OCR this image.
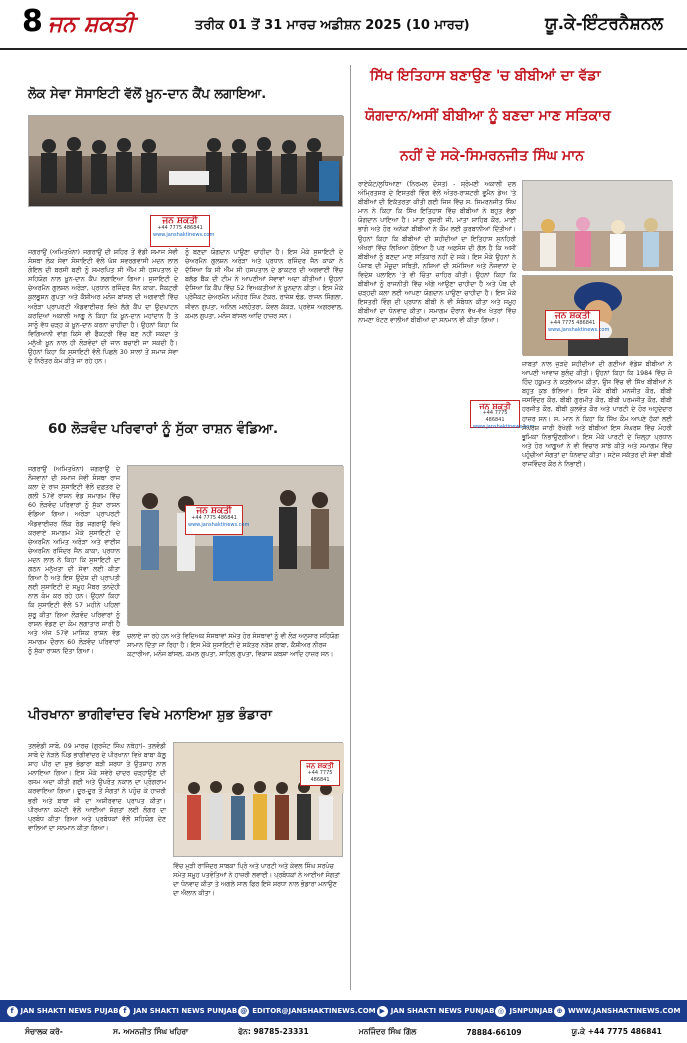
8 ਜਨ ਸ਼ਕਤੀ	ਤਰੀਕ 01 ਤੋਂ 31 ਮਾਰਚ ਅਡੀਸ਼ਨ 2025 (10 ਮਾਰਚ)	ਯੂ.ਕੇ-ਇੰਟਰਨੈਸ਼ਨਲ
ਲੋਕ ਸੇਵਾ ਸੋਸਾਇਟੀ ਵੱਲੋਂ ਖ਼ੂਨ-ਦਾਨ ਕੈਂਪ ਲਗਾਇਆ.
ਜਨ ਸ਼ਕਤੀ
+44 7775 486841
www.janshaktinews.com
ਜਗਰਾਉਂ (ਅਮਿਤਖੰਨਾ) ਜਗਰਾਉਂ ਦੀ ਸ਼ਹਿਰ ਤੋਂ ਵੱਡੀ ਸਮਾਜ ਸੇਵੀ ਸੰਸਥਾ ਲੋਕ ਸੇਵਾ ਸੋਸਾਇਟੀ ਵੱਲੋਂ ਘੱਸ ਸਵਰਗਵਾਸੀ ਮਦਨ ਲਾਲ ਗੋਇਲ ਦੀ ਬਰਸੀ ਬਣੀ ਨੂੰ ਸਮਰਪਿਤ ਸੀ ਐੱਮ ਸੀ ਹਸਪਤਾਲ ਦੇ ਸਹਿਯੋਗ ਨਾਲ ਖ਼ੂਨ-ਦਾਨ ਕੈਂਪ ਲਗਾਇਆ ਗਿਆ। ਸੁਸਾਇਟੀ ਦੇ ਚੇਅਰਮੈਨ ਗੁਲਸ਼ਨ ਅਰੋੜਾ, ਪ੍ਰਧਾਨ ਰਜਿੰਦਰ ਜੈਨ ਕਾਕਾ, ਸੈਕਟਰੀ ਕੁਲਭੂਸ਼ਨ ਗੁਪਤਾ ਅਤੇ ਕੈਸ਼ੀਅਰ ਮਨੋਜ ਬਾਂਸਲ ਦੀ ਅਗਵਾਈ ਵਿੱਚ ਅਰੋੜਾ ਪ੍ਰਾਪਰਟੀ ਐਡਵਾਈਜ਼ਰ ਵਿਖੇ ਲੱਗੇ ਕੈਂਪ ਦਾ ਉਦਘਾਟਨ ਕਰਦਿਆਂ ਅਕਾਲੀ ਆਗੂ ਨੇ ਕਿਹਾ ਕਿ ਖ਼ੂਨ-ਦਾਨ ਮਹਾਂਦਾਨ ਹੈ ਤੇ ਸਾਨੂੰ ਵੱਧ ਚੜ੍ਹ ਕੇ ਖ਼ੂਨ-ਦਾਨ ਕਰਨਾ ਚਾਹੀਦਾ ਹੈ। ਉਹਨਾਂ ਕਿਹਾ ਕਿ ਵਿਗਿਆਨੀ ਵਾਂਗ ਕਿਸੇ ਵੀ ਫੈਕਟਰੀ ਵਿੱਚ ਬਣ ਨਹੀਂ ਸਕਦਾ ਤੇ ਮਨੁੱਖੀ ਖ਼ੂਨ ਨਾਲ ਹੀ ਲੋੜਵੰਦਾਂ ਦੀ ਜਾਨ ਬਚਾਈ ਜਾ ਸਕਦੀ ਹੈ। ਉਹਨਾਂ ਕਿਹਾ ਕਿ ਸੁਸਾਇਟੀ ਵੱਲੋਂ ਪਿਛਲੇ 30 ਸਾਲਾਂ ਤੋਂ ਸਮਾਜ ਸੇਵਾ ਦੇ ਨਿਰੰਤਰ ਕੰਮ ਕੀਤੇ ਜਾ ਰਹੇ ਹਨ।
ਨੂੰ ਬਣਦਾ ਯੋਗਦਾਨ ਪਾਉਣਾ ਚਾਹੀਦਾ ਹੈ। ਇਸ ਮੌਕੇ ਸੁਸਾਇਟੀ ਦੇ ਚੇਅਰਮੈਨ ਗੁਲਸ਼ਨ ਅਰੋੜਾ ਅਤੇ ਪ੍ਰਧਾਨ ਰਜਿੰਦਰ ਜੈਨ ਕਾਕਾ ਨੇ ਦੱਸਿਆ ਕਿ ਸੀ ਐੱਮ ਸੀ ਹਸਪਤਾਲ ਦੇ ਡਾਕਟਰ ਦੀ ਅਗਵਾਈ ਵਿੱਚ ਬਲੱਡ ਬੈਂਕ ਦੀ ਟੀਮ ਨੇ ਆਪਣੀਆਂ ਸੇਵਾਵਾਂ ਅਦਾ ਕੀਤੀਆਂ। ਉਹਨਾਂ ਦੱਸਿਆ ਕਿ ਕੈਂਪ ਵਿੱਚ 52 ਵਿਅਕਤੀਆਂ ਨੇ ਖ਼ੂਨਦਾਨ ਕੀਤਾ। ਇਸ ਮੌਕੇ ਪ੍ਰੋਜੈਕਟ ਚੇਅਰਮੈਨ ਮਨੋਹਰ ਸਿੰਘ ਟੱਕਰ, ਰਾਜੇਸ਼ ਢੰਡ, ਰਾਜਨ ਸਿੰਗਲਾ, ਜੀਵਨ ਗੁਪਤਾ, ਅਨਿਲ ਮਲਹੋਤਰਾ, ਕੰਵਲ ਕੱਕੜ, ਪ੍ਰਵੇਸ਼ ਅਗਰਵਾਲ, ਕਮਲ ਗੁਪਤਾ, ਮਨੋਜ ਬਾਂਸਲ ਆਦਿ ਹਾਜ਼ਰ ਸਨ।
60 ਲੋੜਵੰਦ ਪਰਿਵਾਰਾਂ ਨੂੰ ਸੁੱਕਾ ਰਾਸ਼ਨ ਵੰਡਿਆ.
ਜਗਰਾਉਂ (ਅਮਿਤਖੰਨਾ) ਜਗਰਾਉਂ ਦੇ ਨੌਜਵਾਨਾਂ ਦੀ ਸਮਾਜ ਸੇਵੀ ਸੰਸਥਾ ਰਾਜ ਕਲਾ ਦੇ ਰਾਜ ਸੁਸਾਇਟੀ ਵੱਲੋਂ ਦਫ਼ਤਰ ਦੇ ਗਲੀ 57ਵੇਂ ਰਾਸ਼ਨ ਵੰਡ ਸਮਾਗਮ ਵਿੱਚ 60 ਲੋੜਵੰਦ ਪਰਿਵਾਰਾਂ ਨੂੰ ਸੁੱਕਾ ਰਾਸ਼ਨ ਵੰਡਿਆ ਗਿਆ। ਅਰੋੜਾ ਪ੍ਰਾਪਰਟੀ ਐਡਵਾਈਜ਼ਰ ਲਿੰਕ ਰੋਡ ਜਗਰਾਉਂ ਵਿਖੇ ਕਰਵਾਏ ਸਮਾਗਮ ਮੌਕੇ ਸੁਸਾਇਟੀ ਦੇ ਚੇਅਰਮੈਨ ਅਮਿਤ ਅਰੋੜਾ ਅਤੇ ਵਾਈਸ ਚੇਅਰਮੈਨ ਰਜਿੰਦਰ ਜੈਨ ਕਾਕਾ, ਪ੍ਰਧਾਨ ਮਦਨ ਲਾਲ ਨੇ ਕਿਹਾ ਕਿ ਸੁਸਾਇਟੀ ਦਾ ਗਠਨ ਮਨੁੱਖਤਾ ਦੀ ਸੇਵਾ ਲਈ ਕੀਤਾ ਗਿਆ ਹੈ ਅਤੇ ਇਸ ਉਦੇਸ਼ ਦੀ ਪ੍ਰਾਪਤੀ ਲਈ ਸੁਸਾਇਟੀ ਦੇ ਸਮੂਹ ਮੈਂਬਰ ਤਨਦੇਹੀ ਨਾਲ ਕੰਮ ਕਰ ਰਹੇ ਹਨ। ਉਹਨਾਂ ਕਿਹਾ ਕਿ ਸੁਸਾਇਟੀ ਵੱਲੋਂ 57 ਮਹੀਨੇ ਪਹਿਲਾਂ ਸ਼ੁਰੂ ਕੀਤਾ ਗਿਆ ਲੋੜਵੰਦ ਪਰਿਵਾਰਾਂ ਨੂੰ ਰਾਸ਼ਨ ਵੰਡਣ ਦਾ ਕੰਮ ਲਗਾਤਾਰ ਜਾਰੀ ਹੈ ਅਤੇ ਅੱਜ 57ਵੇਂ ਮਾਸਿਕ ਰਾਸ਼ਨ ਵੰਡ ਸਮਾਗਮ ਦੌਰਾਨ 60 ਲੋੜਵੰਦ ਪਰਿਵਾਰਾਂ ਨੂੰ ਸੁੱਕਾ ਰਾਸ਼ਨ ਦਿੱਤਾ ਗਿਆ।
ਜਨ ਸ਼ਕਤੀ
+44 7775 486841
www.janshaktinews.com
ਚਲਾਏ ਜਾ ਰਹੇ ਹਨ ਅਤੇ ਵਿਦਿਅਕ ਸੰਸਥਾਵਾਂ ਸਮੇਤ ਹੋਰ ਸੰਸਥਾਵਾਂ ਨੂੰ ਵੀ ਲੋੜ ਅਨੁਸਾਰ ਸਹਿਯੋਗ ਸਾਮਾਨ ਦਿੱਤਾ ਜਾ ਰਿਹਾ ਹੈ। ਇਸ ਮੌਕੇ ਸੁਸਾਇਟੀ ਦੇ ਸਕੱਤਰ ਨਰੇਸ਼ ਗਾਬਾ, ਕੈਸ਼ੀਅਰ ਨੀਰਜ ਕਟਾਰੀਆ, ਮਨੋਜ ਬਾਂਸਲ, ਕਮਲ ਗੁਪਤਾ, ਸਾਹਿਲ ਗੁਪਤਾ, ਵਿਕਾਸ ਕਥਸ਼ਾ ਆਦਿ ਹਾਜ਼ਰ ਸਨ।
ਪੀਰਖਾਨਾ ਭਾਗੀਵਾਂਦਰ ਵਿਖੇ ਮਨਾਇਆ ਸ਼ੁਭ ਭੰਡਾਰਾ
ਤਲਵੰਡੀ ਸਾਬੋ, 09 ਮਾਰਚ (ਗੁਰਜੰਟ ਸਿੰਘ ਨਥੇਹਾ)- ਤਲਵੰਡੀ ਸਾਬੋ ਦੇ ਨੇੜਲੇ ਪਿੰਡ ਭਾਗੀਵਾਂਦਰ ਦੇ ਪੀਰਖਾਨਾ ਵਿਖੇ ਬਾਬਾ ਕੱਲੂ ਸ਼ਾਹ ਪੀਰ ਦਾ ਸ਼ੁਭ ਭੰਡਾਰਾ ਬੜੀ ਸ਼ਰਧਾ ਤੇ ਉਤਸ਼ਾਹ ਨਾਲ ਮਨਾਇਆ ਗਿਆ। ਇਸ ਮੌਕੇ ਸਵੇਰੇ ਚਾਦਰ ਚੜ੍ਹਾਉਣ ਦੀ ਰਸਮ ਅਦਾ ਕੀਤੀ ਗਈ ਅਤੇ ਉਪਰੰਤ ਨਕਾਲ ਦਾ ਪ੍ਰੋਗਰਾਮ ਕਰਵਾਇਆ ਗਿਆ। ਦੂਰ-ਦੂਰ ਤੋਂ ਸੰਗਤਾਂ ਨੇ ਪਹੁੰਚ ਕੇ ਹਾਜ਼ਰੀ ਭਰੀ ਅਤੇ ਬਾਬਾ ਜੀ ਦਾ ਅਸ਼ੀਰਵਾਦ ਪ੍ਰਾਪਤ ਕੀਤਾ। ਪੀਰਖਾਨਾ ਕਮੇਟੀ ਵੱਲੋਂ ਆਈਆਂ ਸੰਗਤਾਂ ਲਈ ਲੰਗਰ ਦਾ ਪ੍ਰਬੰਧ ਕੀਤਾ ਗਿਆ ਅਤੇ ਪ੍ਰਬੰਧਕਾਂ ਵੱਲੋਂ ਸਹਿਯੋਗ ਦੇਣ ਵਾਲਿਆਂ ਦਾ ਸਨਮਾਨ ਕੀਤਾ ਗਿਆ।
ਜਨ ਸ਼ਕਤੀ
+44 7775 486841
ਵਿੱਚ ਮੁੜੀ ਰਾਜਿੰਦਰ ਸਾਬਕਾ ਪ੍ਰਿੰ ਅਤੇ ਪਾਰਟੀ ਅਤੇ ਕੇਵਲ ਸਿੰਘ ਸਰਪੰਚ ਸਮੇਤ ਸਮੂਹ ਪਤਵੰਤਿਆਂ ਨੇ ਹਾਜ਼ਰੀ ਲਵਾਈ। ਪ੍ਰਬੰਧਕਾਂ ਨੇ ਆਈਆਂ ਸੰਗਤਾਂ ਦਾ ਧੰਨਵਾਦ ਕੀਤਾ ਤੇ ਅਗਲੇ ਸਾਲ ਫਿਰ ਇਸੇ ਸ਼ਰਧਾ ਨਾਲ ਭੰਡਾਰਾ ਮਨਾਉਣ ਦਾ ਐਲਾਨ ਕੀਤਾ।
ਸਿੱਖ ਇਤਿਹਾਸ ਬਣਾਉਣ 'ਚ ਬੀਬੀਆਂ ਦਾ ਵੱਡਾ
ਯੋਗਦਾਨ/ਅਸੀਂ ਬੀਬੀਆ ਨੂੰ ਬਣਦਾ ਮਾਣ ਸਤਿਕਾਰ
ਨਹੀਂ ਦੇ ਸਕੇ-ਸਿਮਰਨਜੀਤ ਸਿੰਘ ਮਾਨ
ਰਾਏਕੋਟ/ਲੁਧਿਆਣਾ (ਨਿਰਮਲ ਦੋਸਤ) - ਸ਼੍ਰੋਮਣੀ ਅਕਾਲੀ ਦਲ ਅੰਮ੍ਰਿਤਸਰ ਦੇ ਇਸਤਰੀ ਵਿੰਗ ਵੱਲੋਂ ਅੰਤਰ-ਰਾਸ਼ਟਰੀ ਵੂਮੈਨ ਡੇਅ 'ਤੇ ਬੀਬੀਆਂ ਦੀ ਇਕੱਤਰਤਾ ਕੀਤੀ ਗਈ ਜਿਸ ਵਿੱਚ ਸ. ਸਿਮਰਨਜੀਤ ਸਿੰਘ ਮਾਨ ਨੇ ਕਿਹਾ ਕਿ ਸਿੱਖ ਇਤਿਹਾਸ ਵਿੱਚ ਬੀਬੀਆਂ ਨੇ ਬਹੁਤ ਵੱਡਾ ਯੋਗਦਾਨ ਪਾਇਆ ਹੈ। ਮਾਤਾ ਗੁਜਰੀ ਜੀ, ਮਾਤਾ ਸਾਹਿਬ ਕੌਰ, ਮਾਈ ਭਾਗੋ ਅਤੇ ਹੋਰ ਅਨੇਕਾਂ ਬੀਬੀਆਂ ਨੇ ਕੌਮ ਲਈ ਕੁਰਬਾਨੀਆਂ ਦਿੱਤੀਆਂ। ਉਹਨਾਂ ਕਿਹਾ ਕਿ ਬੀਬੀਆਂ ਦੀ ਸ਼ਹੀਦੀਆਂ ਦਾ ਇਤਿਹਾਸ ਸੁਨਹਿਰੀ ਅੱਖਰਾਂ ਵਿੱਚ ਲਿਖਿਆ ਹੋਇਆ ਹੈ ਪਰ ਅਫ਼ਸੋਸ ਦੀ ਗੱਲ ਹੈ ਕਿ ਅਸੀਂ ਬੀਬੀਆਂ ਨੂੰ ਬਣਦਾ ਮਾਣ ਸਤਿਕਾਰ ਨਹੀਂ ਦੇ ਸਕੇ। ਇਸ ਮੌਕੇ ਉਹਨਾਂ ਨੇ ਪੰਜਾਬ ਦੀ ਮੌਜੂਦਾ ਸਥਿਤੀ, ਨਸ਼ਿਆਂ ਦੀ ਸਮੱਸਿਆ ਅਤੇ ਨੌਜਵਾਨਾਂ ਦੇ ਵਿਦੇਸ਼ ਪਲਾਇਨ 'ਤੇ ਵੀ ਚਿੰਤਾ ਜ਼ਾਹਿਰ ਕੀਤੀ। ਉਹਨਾਂ ਕਿਹਾ ਕਿ ਬੀਬੀਆਂ ਨੂੰ ਰਾਜਨੀਤੀ ਵਿੱਚ ਅੱਗੇ ਆਉਣਾ ਚਾਹੀਦਾ ਹੈ ਅਤੇ ਪੰਥ ਦੀ ਚੜ੍ਹਦੀ ਕਲਾ ਲਈ ਆਪਣਾ ਯੋਗਦਾਨ ਪਾਉਣਾ ਚਾਹੀਦਾ ਹੈ। ਇਸ ਮੌਕੇ ਇਸਤਰੀ ਵਿੰਗ ਦੀ ਪ੍ਰਧਾਨ ਬੀਬੀ ਨੇ ਵੀ ਸੰਬੋਧਨ ਕੀਤਾ ਅਤੇ ਸਮੂਹ ਬੀਬੀਆਂ ਦਾ ਧੰਨਵਾਦ ਕੀਤਾ। ਸਮਾਗਮ ਦੌਰਾਨ ਵੱਖ-ਵੱਖ ਖੇਤਰਾਂ ਵਿੱਚ ਨਾਮਣਾ ਖੱਟਣ ਵਾਲੀਆਂ ਬੀਬੀਆਂ ਦਾ ਸਨਮਾਨ ਵੀ ਕੀਤਾ ਗਿਆ।	ਜਨ ਸ਼ਕਤੀ
+44 7775 486841
www.janshaktinews.com
ਜਨ ਸ਼ਕਤੀ
+44 7775 486841
www.janshaktinews.com
ਜ਼ਾਬਤਾਂ ਨਾਲ ਜੁੜਦੇ ਸ਼ਹੀਦੀਆਂ ਦੀ ਗਣੀਆਂ ਵੱਡੇਸ਼ ਬੀਬੀਆਂ ਨੇ ਆਪਣੀ ਆਵਾਜ਼ ਬੁਲੰਦ ਕੀਤੀ। ਉਹਨਾਂ ਕਿਹਾ ਕਿ 1984 ਵਿੱਚ ਜੋ ਹਿੰਦ ਹਕੂਮਤ ਨੇ ਕਤਲੇਆਮ ਕੀਤਾ, ਉਸ ਵਿੱਚ ਵੀ ਸਿੱਖ ਬੀਬੀਆਂ ਨੇ ਬਹੁਤ ਕੁਝ ਝੱਲਿਆ। ਇਸ ਮੌਕੇ ਬੀਬੀ ਮਨਜੀਤ ਕੌਰ, ਬੀਬੀ ਜਸਵਿੰਦਰ ਕੌਰ, ਬੀਬੀ ਗੁਰਮੀਤ ਕੌਰ, ਬੀਬੀ ਪਰਮਜੀਤ ਕੌਰ, ਬੀਬੀ ਹਰਜੀਤ ਕੌਰ, ਬੀਬੀ ਕੁਲਵੰਤ ਕੌਰ ਅਤੇ ਪਾਰਟੀ ਦੇ ਹੋਰ ਅਹੁਦੇਦਾਰ ਹਾਜ਼ਰ ਸਨ। ਸ. ਮਾਨ ਨੇ ਕਿਹਾ ਕਿ ਸਿੱਖ ਕੌਮ ਆਪਣੇ ਹੱਕਾਂ ਲਈ ਸੰਘਰਸ਼ ਜਾਰੀ ਰੱਖੇਗੀ ਅਤੇ ਬੀਬੀਆਂ ਇਸ ਸੰਘਰਸ਼ ਵਿੱਚ ਮੋਹਰੀ ਭੂਮਿਕਾ ਨਿਭਾਉਣਗੀਆਂ। ਇਸ ਮੌਕੇ ਪਾਰਟੀ ਦੇ ਜ਼ਿਲ੍ਹਾ ਪ੍ਰਧਾਨ ਅਤੇ ਹੋਰ ਆਗੂਆਂ ਨੇ ਵੀ ਵਿਚਾਰ ਸਾਂਝੇ ਕੀਤੇ ਅਤੇ ਸਮਾਗਮ ਵਿੱਚ ਪਹੁੰਚੀਆਂ ਸੰਗਤਾਂ ਦਾ ਧੰਨਵਾਦ ਕੀਤਾ। ਸਟੇਜ ਸਕੱਤਰ ਦੀ ਸੇਵਾ ਬੀਬੀ ਰਾਜਵਿੰਦਰ ਕੌਰ ਨੇ ਨਿਭਾਈ।
f JAN SHAKTI NEWS PUJAB f JAN SHAKTI NEWS PUNJAB @ EDITOR@JANSHAKTINEWS.COM ▶ JAN SHAKTI NEWS PUNJAB ◎ JSNPUNJAB ⊕ WWW.JANSHAKTINEWS.COM
ਸੰਚਾਲਕ ਕਰੋ-	ਸ. ਅਮਨਜੀਤ ਸਿੰਘ ਖਹਿਰਾ	ਫੋਨ: 98785-23331	ਮਨਜਿੰਦਰ ਸਿੰਘ ਗਿੱਲ	78884-66109	ਯੂ.ਕੇ +44 7775 486841
